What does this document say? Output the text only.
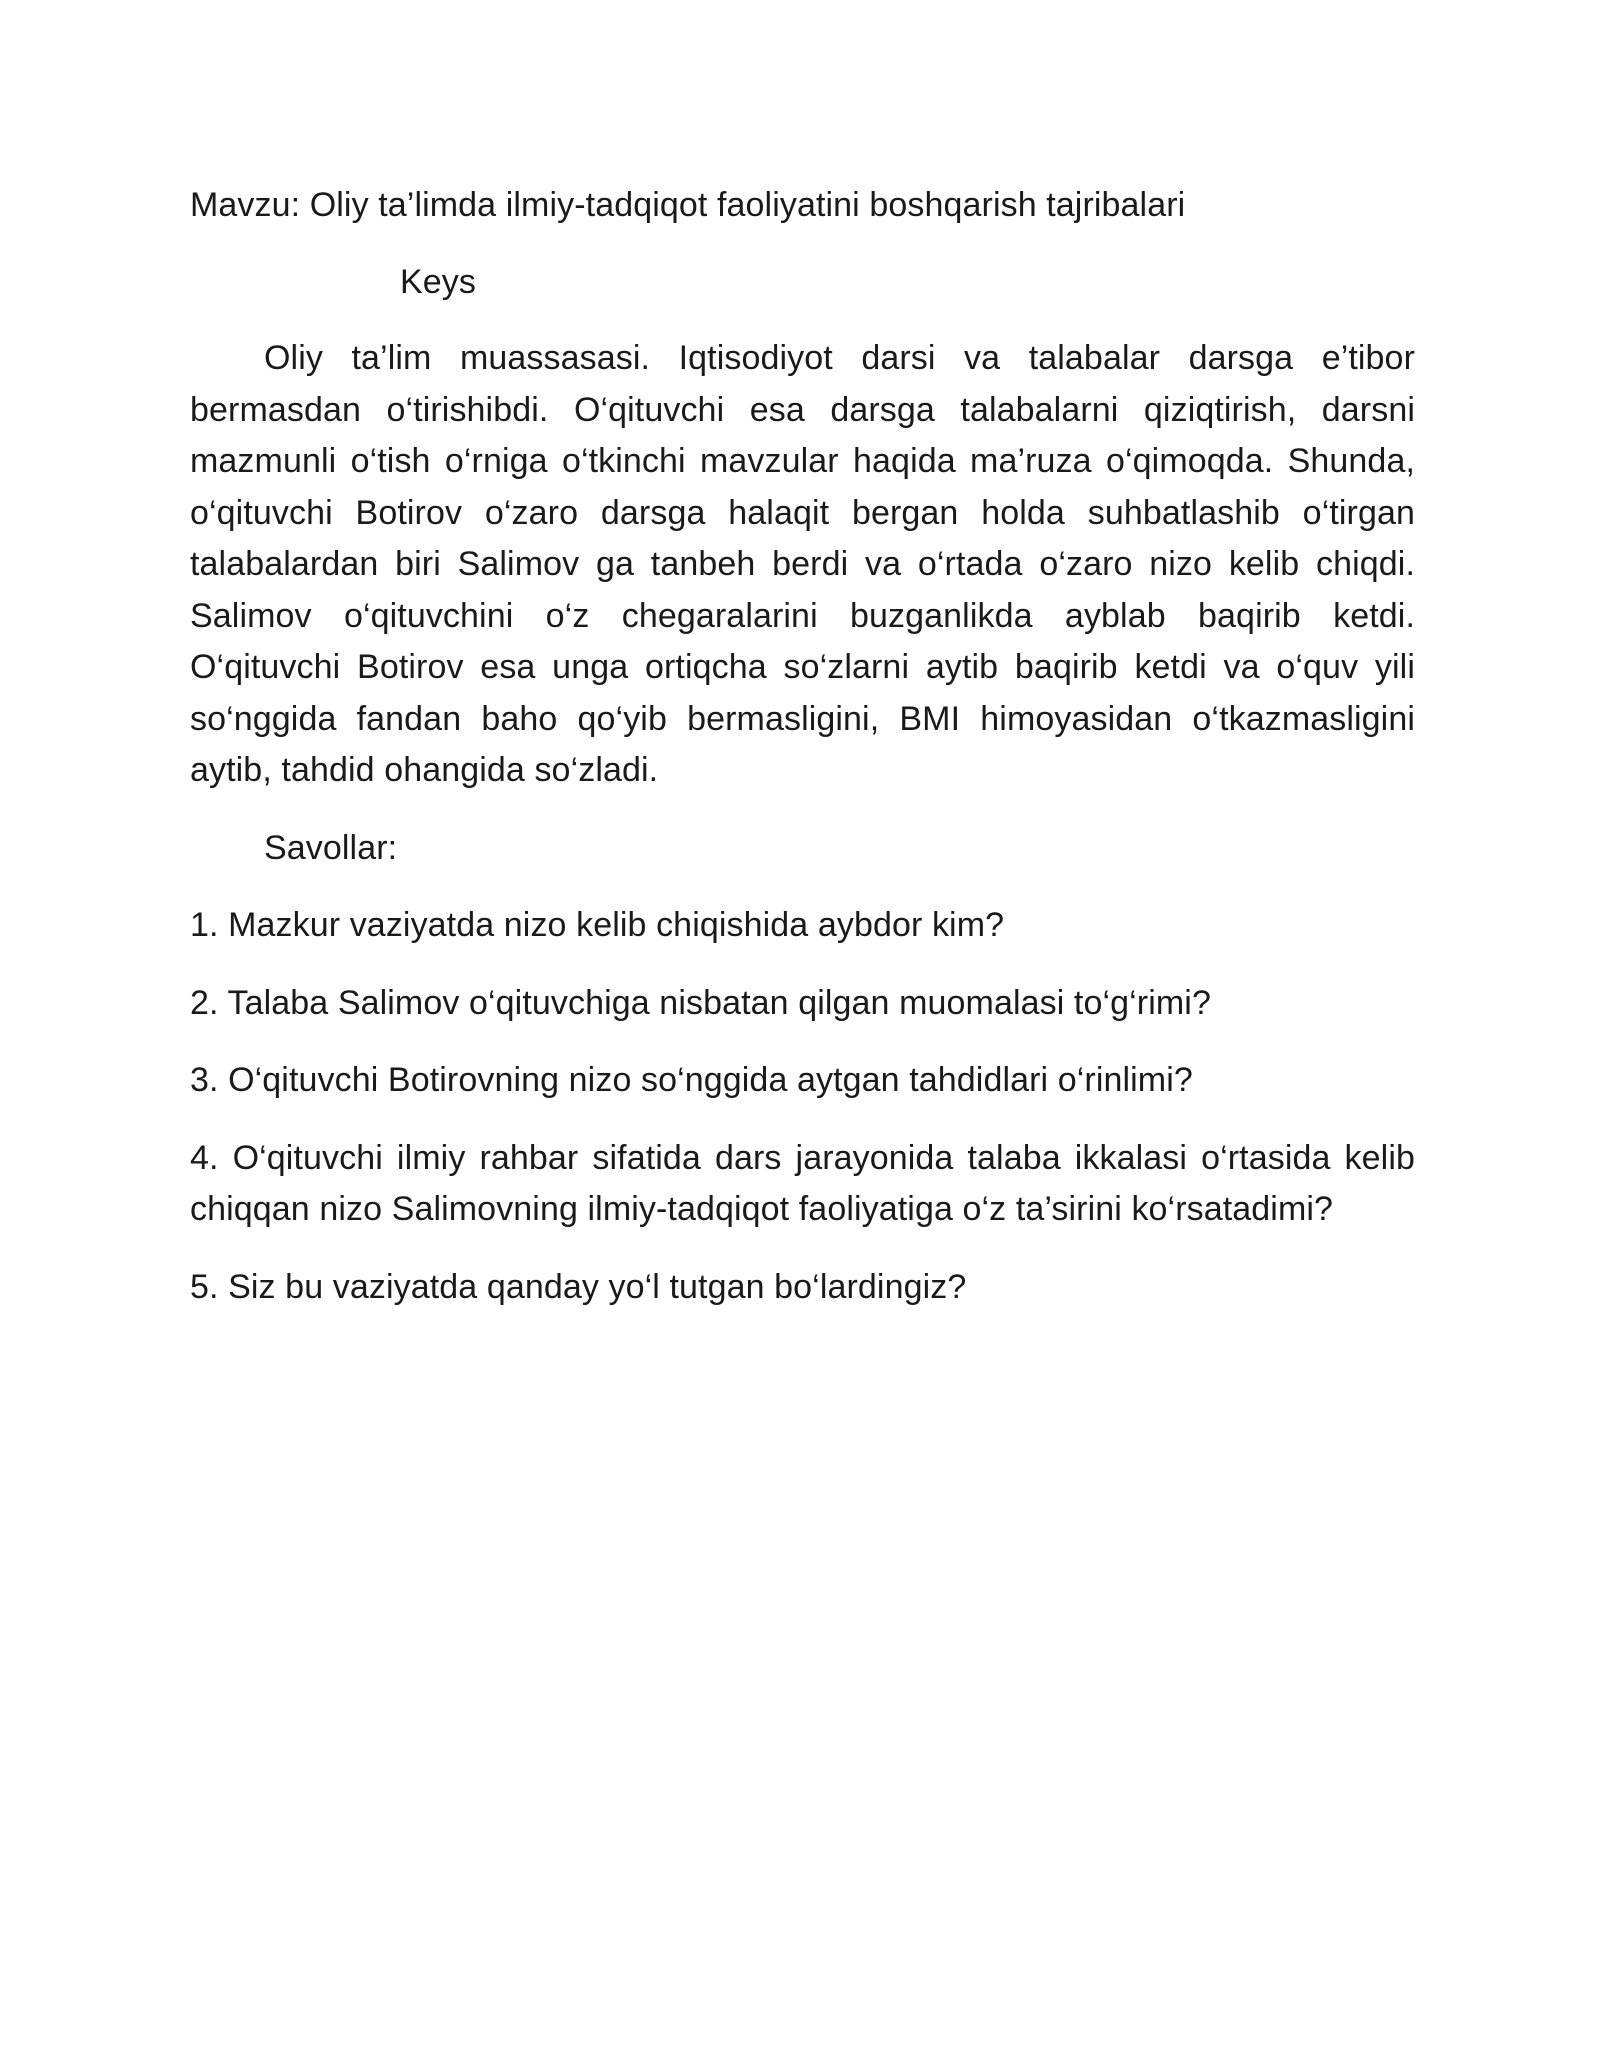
Mavzu: Oliy ta’limda ilmiy-tadqiqot faoliyatini boshqarish tajribalari

Keys

Oliy ta’lim muassasasi. Iqtisodiyot darsi va talabalar darsga e’tibor bermasdan o‘tirishibdi. O‘qituvchi esa darsga talabalarni qiziqtirish, darsni mazmunli o‘tish o‘rniga o‘tkinchi mavzular haqida ma’ruza o‘qimoqda. Shunda, o‘qituvchi Botirov o‘zaro darsga halaqit bergan holda suhbatlashib o‘tirgan talabalardan biri Salimov ga tanbeh berdi va o‘rtada o‘zaro nizo kelib chiqdi. Salimov o‘qituvchini o‘z chegaralarini buzganlikda ayblab baqirib ketdi. O‘qituvchi Botirov esa unga ortiqcha so‘zlarni aytib baqirib ketdi va o‘quv yili so‘nggida fandan baho qo‘yib bermasligini, BMI himoyasidan o‘tkazmasligini aytib, tahdid ohangida so‘zladi.

Savollar:

1. Mazkur vaziyatda nizo kelib chiqishida aybdor kim?

2. Talaba Salimov o‘qituvchiga nisbatan qilgan muomalasi to‘g‘rimi?

3. O‘qituvchi Botirovning nizo so‘nggida aytgan tahdidlari o‘rinlimi?

4. O‘qituvchi ilmiy rahbar sifatida dars jarayonida talaba ikkalasi o‘rtasida kelib chiqqan nizo Salimovning ilmiy-tadqiqot faoliyatiga o‘z ta’sirini ko‘rsatadimi?

5. Siz bu vaziyatda qanday yo‘l tutgan bo‘lardingiz?
